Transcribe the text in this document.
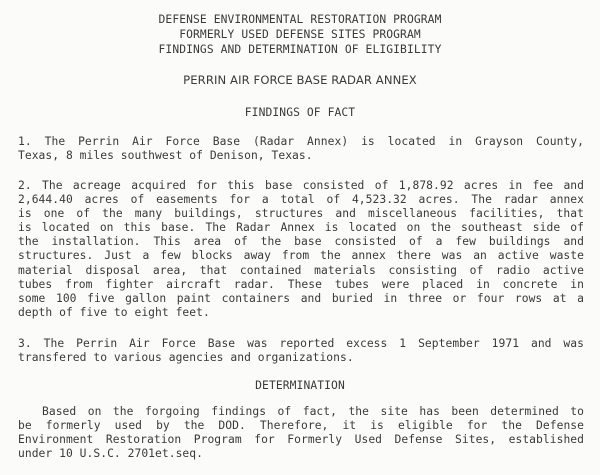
DEFENSE ENVIRONMENTAL RESTORATION PROGRAM
FORMERLY USED DEFENSE SITES PROGRAM
FINDINGS AND DETERMINATION OF ELIGIBILITY
PERRIN AIR FORCE BASE RADAR ANNEX
FINDINGS OF FACT
1. The Perrin Air Force Base (Radar Annex) is located in Grayson County,
Texas, 8 miles southwest of Denison, Texas.
2. The acreage acquired for this base consisted of 1,878.92 acres in fee and
2,644.40 acres of easements for a total of 4,523.32 acres. The radar annex
is one of the many buildings, structures and miscellaneous facilities, that
is located on this base. The Radar Annex is located on the southeast side of
the installation. This area of the base consisted of a few buildings and
structures. Just a few blocks away from the annex there was an active waste
material disposal area, that contained materials consisting of radio active
tubes from fighter aircraft radar. These tubes were placed in concrete in
some 100 five gallon paint containers and buried in three or four rows at a
depth of five to eight feet.
3. The Perrin Air Force Base was reported excess 1 September 1971 and was
transfered to various agencies and organizations.
DETERMINATION
Based on the forgoing findings of fact, the site has been determined to
be formerly used by the DOD. Therefore, it is eligible for the Defense
Environment Restoration Program for Formerly Used Defense Sites, established
under 10 U.S.C. 2701et.seq.
